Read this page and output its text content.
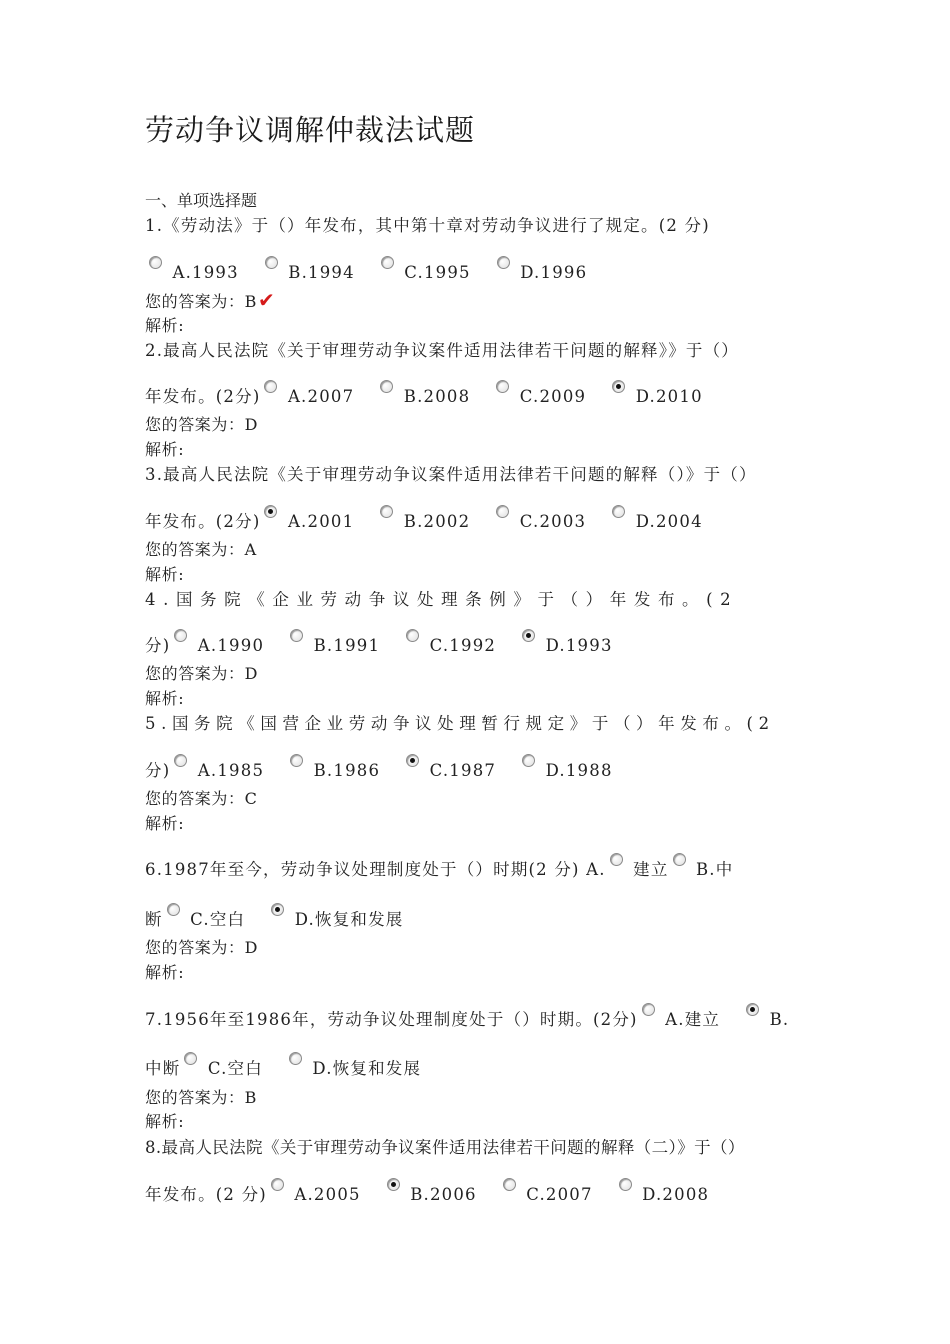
劳动争议调解仲裁法试题
一、单项选择题
1.《劳动法》于（）年发布，其中第十章对劳动争议进行了规定。(2 分)
A.1993	B.1994	C.1995	D.1996
您的答案为：B✔
解析:
2.最高人民法院《关于审理劳动争议案件适用法律若干问题的解释》》于（）
年发布。(2分) A.2007	B.2008	C.2009	D.2010
您的答案为：D
解析:
3.最高人民法院《关于审理劳动争议案件适用法律若干问题的解释（）》于（）
年发布。(2分) A.2001	B.2002	C.2003	D.2004
您的答案为：A
解析:
4.国务院《企业劳动争议处理条例》于（）年发布。(2
分) A.1990	B.1991	C.1992	D.1993
您的答案为：D
解析:
5.国务院《国营企业劳动争议处理暂行规定》于（）年发布。(2
分) A.1985	B.1986	C.1987	D.1988
您的答案为：C
解析:
6.1987年至今，劳动争议处理制度处于（）时期(2 分) A. 建立 B.中
断 C.空白	D.恢复和发展
您的答案为：D
解析:
7.1956年至1986年，劳动争议处理制度处于（）时期。(2分) A.建立	B.
中断 C.空白	D.恢复和发展
您的答案为：B
解析:
8.最高人民法院《关于审理劳动争议案件适用法律若干问题的解释（二）》于（）
年发布。(2 分) A.2005	B.2006	C.2007	D.2008
